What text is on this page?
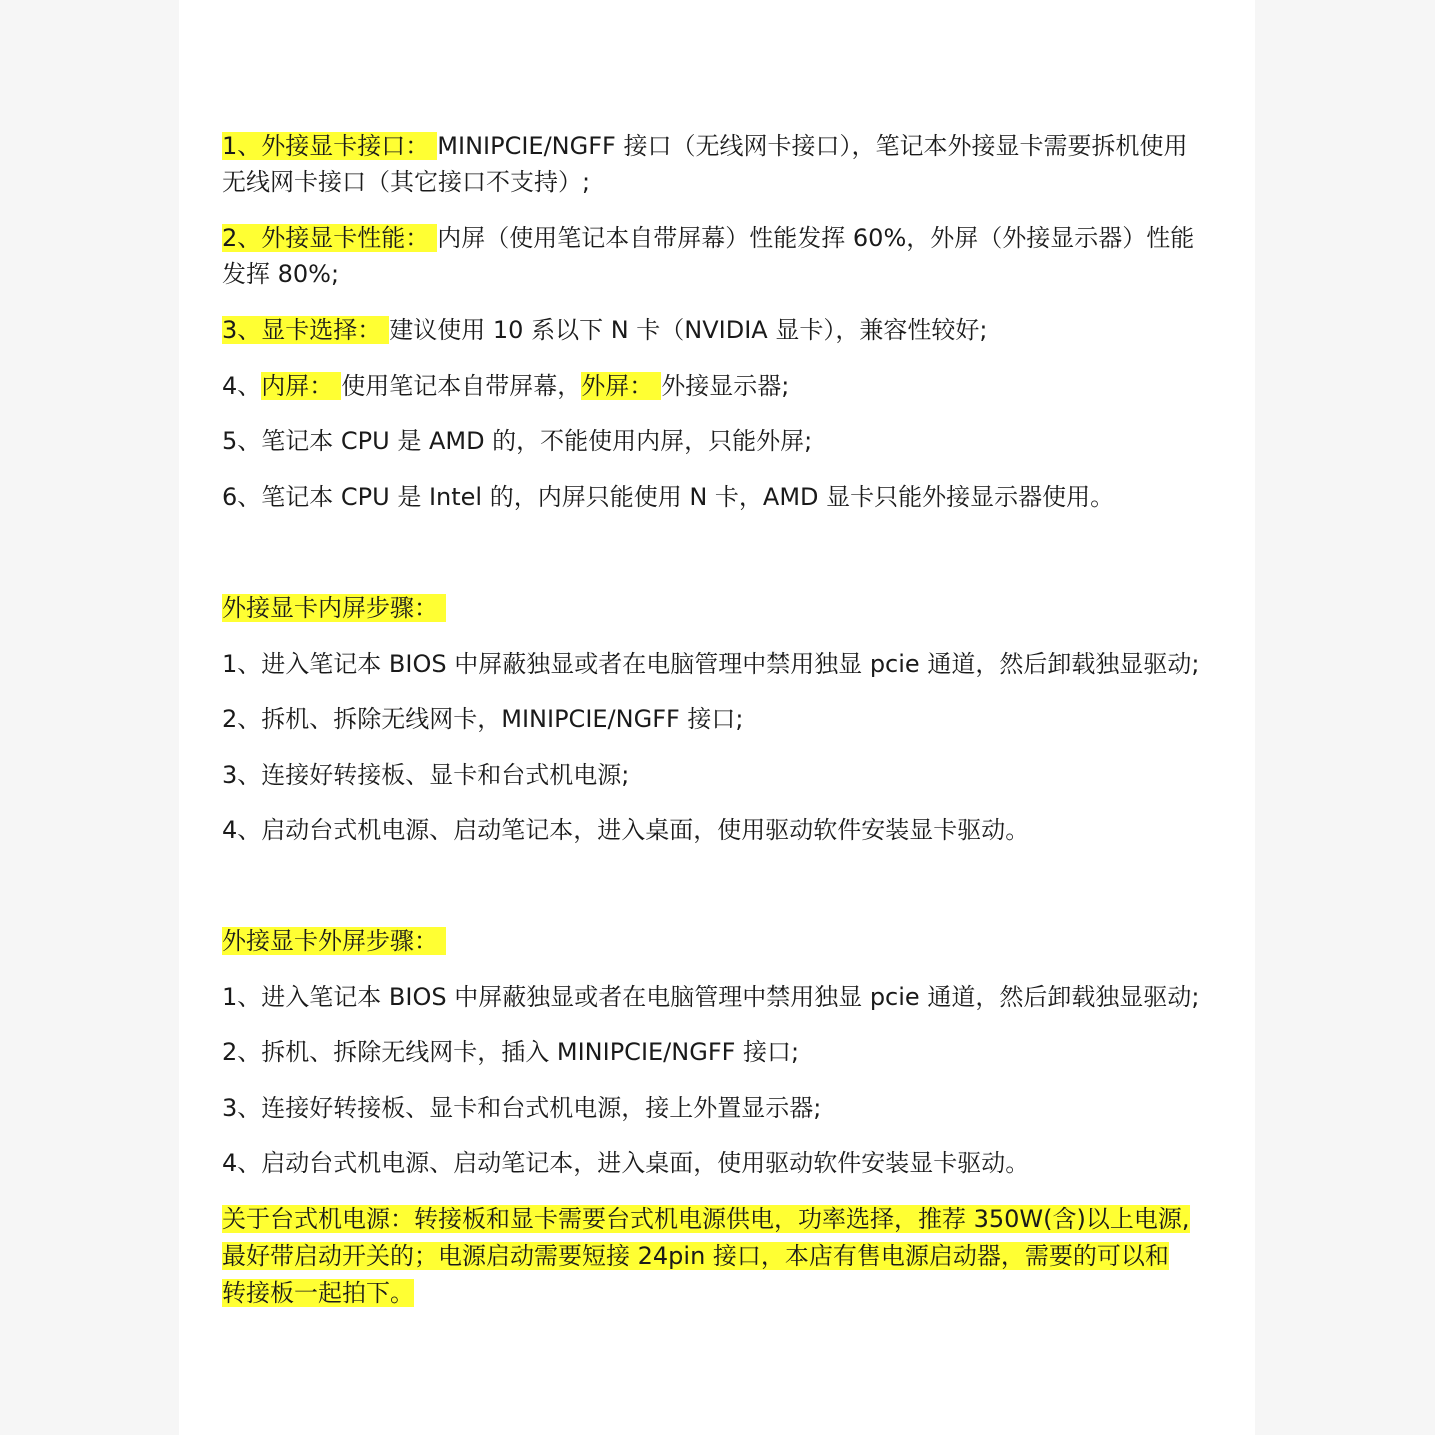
1、外接显卡接口： MINIPCIE/NGFF 接口（无线网卡接口），笔记本外接显卡需要拆机使用
无线网卡接口（其它接口不支持）;
2、外接显卡性能： 内屏（使用笔记本自带屏幕）性能发挥 60%，外屏（外接显示器）性能
发挥 80%;
3、显卡选择： 建议使用 10 系以下 N 卡（NVIDIA 显卡），兼容性较好;
4、内屏： 使用笔记本自带屏幕，外屏： 外接显示器;
5、笔记本 CPU 是 AMD 的，不能使用内屏，只能外屏;
6、笔记本 CPU 是 Intel 的，内屏只能使用 N 卡，AMD 显卡只能外接显示器使用。
外接显卡内屏步骤：
1、进入笔记本 BIOS 中屏蔽独显或者在电脑管理中禁用独显 pcie 通道，然后卸载独显驱动;
2、拆机、拆除无线网卡，MINIPCIE/NGFF 接口;
3、连接好转接板、显卡和台式机电源;
4、启动台式机电源、启动笔记本，进入桌面，使用驱动软件安装显卡驱动。
外接显卡外屏步骤：
1、进入笔记本 BIOS 中屏蔽独显或者在电脑管理中禁用独显 pcie 通道，然后卸载独显驱动;
2、拆机、拆除无线网卡，插入 MINIPCIE/NGFF 接口;
3、连接好转接板、显卡和台式机电源，接上外置显示器;
4、启动台式机电源、启动笔记本，进入桌面，使用驱动软件安装显卡驱动。
关于台式机电源：转接板和显卡需要台式机电源供电，功率选择，推荐 350W(含)以上电源,
最好带启动开关的；电源启动需要短接 24pin 接口，本店有售电源启动器，需要的可以和
转接板一起拍下。
